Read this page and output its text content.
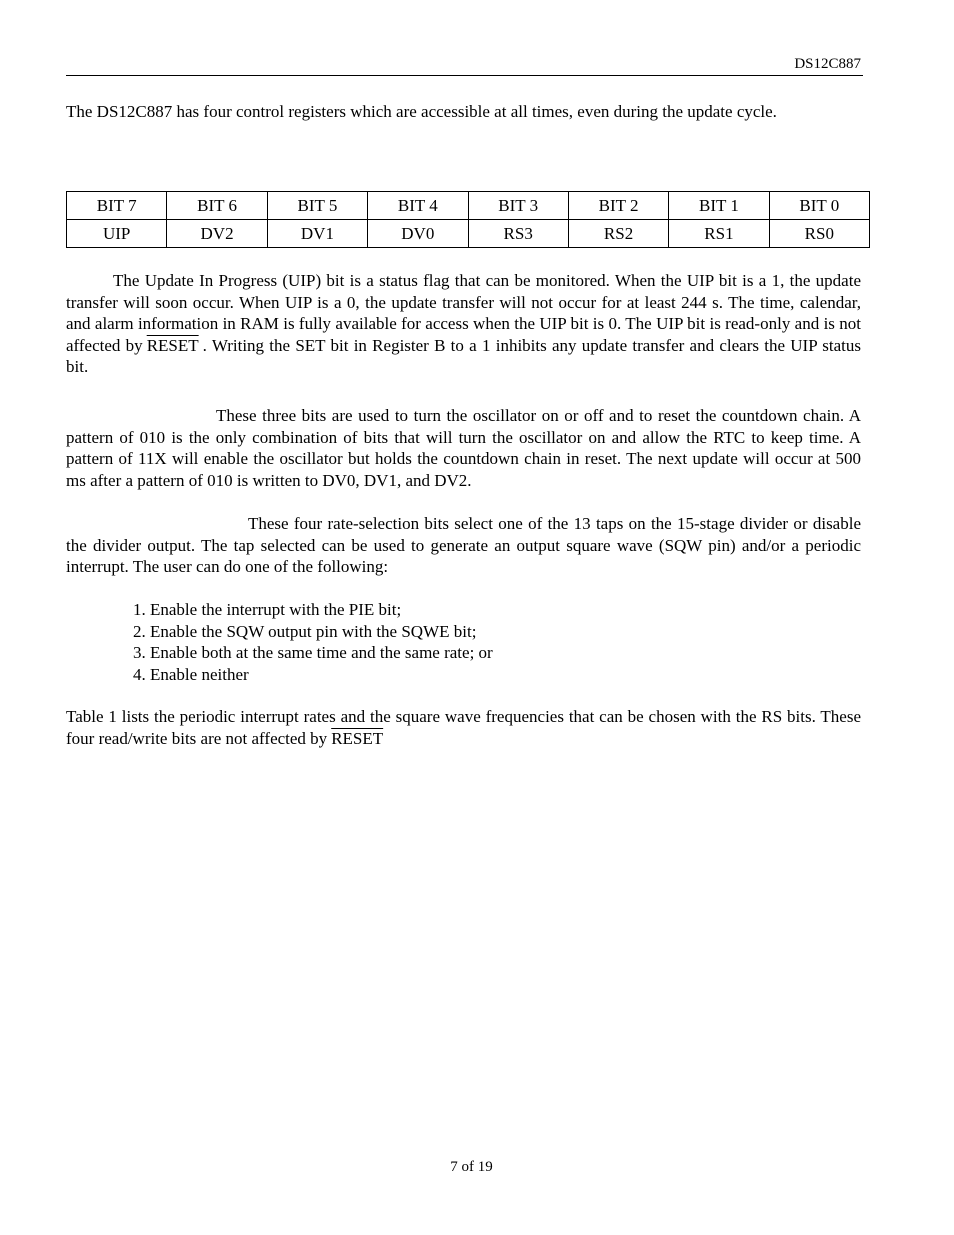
DS12C887
The DS12C887 has four control registers which are accessible at all times, even during the update cycle.
BIT 7	BIT 6	BIT 5	BIT 4	BIT 3	BIT 2	BIT 1	BIT 0
UIP	DV2	DV1	DV0	RS3	RS2	RS1	RS0
The Update In Progress (UIP) bit is a status flag that can be monitored. When the UIP bit is a 1, the update transfer will soon occur. When UIP is a 0, the update transfer will not occur for at least 244 s. The time, calendar, and alarm information in RAM is fully available for access when the UIP bit is 0. The UIP bit is read-only and is not affected by RESET . Writing the SET bit in Register B to a 1 inhibits any update transfer and clears the UIP status bit.
These three bits are used to turn the oscillator on or off and to reset the countdown chain. A pattern of 010 is the only combination of bits that will turn the oscillator on and allow the RTC to keep time. A pattern of 11X will enable the oscillator but holds the countdown chain in reset. The next update will occur at 500 ms after a pattern of 010 is written to DV0, DV1, and DV2.
These four rate-selection bits select one of the 13 taps on the 15-stage divider or disable the divider output. The tap selected can be used to generate an output square wave (SQW pin) and/or a periodic interrupt. The user can do one of the following:
1. Enable the interrupt with the PIE bit;
2. Enable the SQW output pin with the SQWE bit;
3. Enable both at the same time and the same rate; or
4. Enable neither
Table 1 lists the periodic interrupt rates and the square wave frequencies that can be chosen with the RS bits. These four read/write bits are not affected by RESET
7 of 19
